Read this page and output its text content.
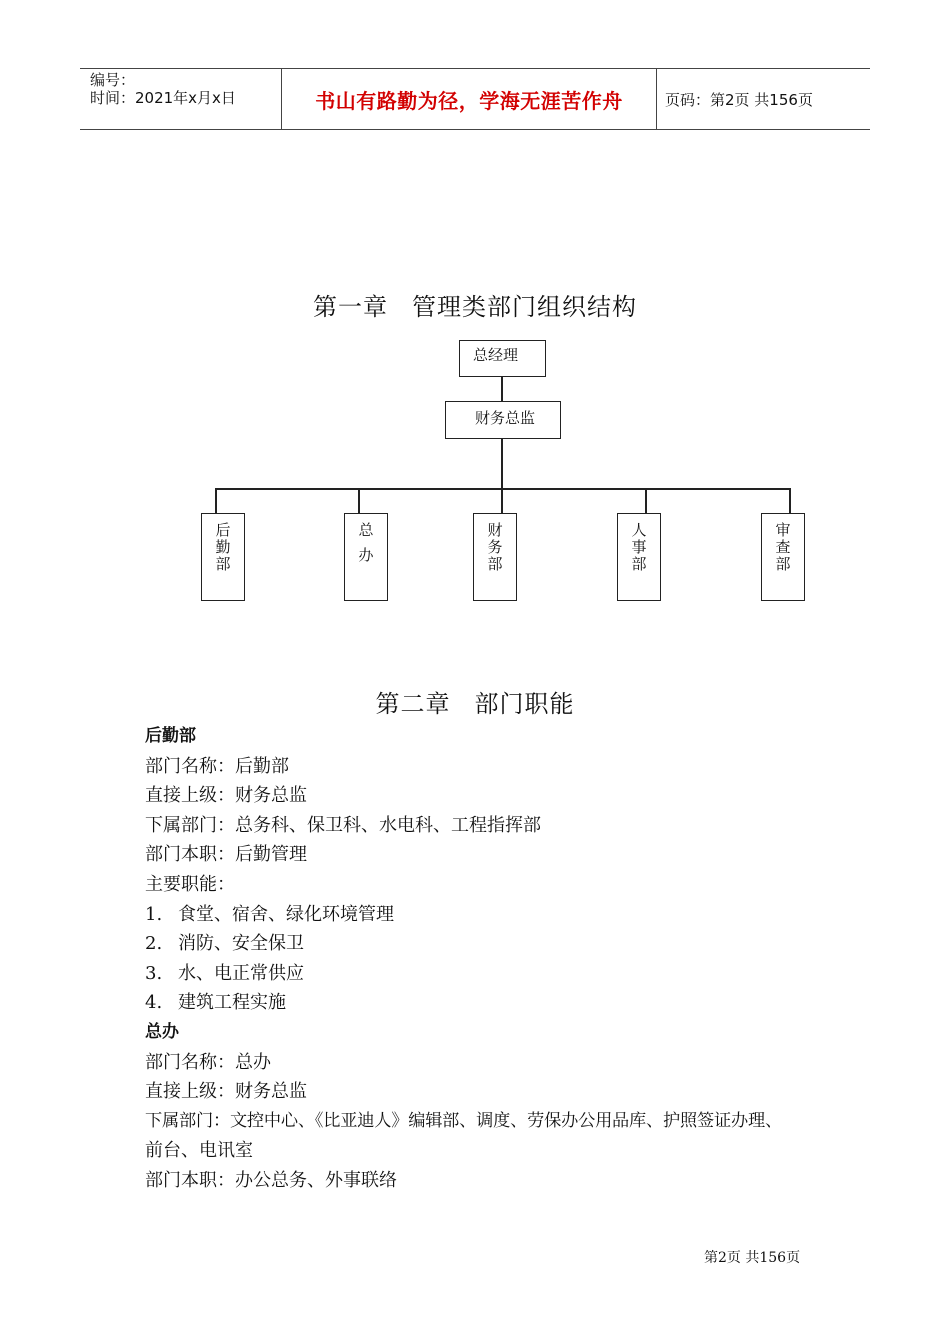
编号：
时间：2021年x月x日	书山有路勤为径，学海无涯苦作舟	页码：第2页 共156页
第一章 管理类部门组织结构
总经理
财务总监
后
勤
部
总
办
财
务
部
人
事
部
审
查
部
第二章 部门职能
后勤部
部门名称：后勤部
直接上级：财务总监
下属部门：总务科、保卫科、水电科、工程指挥部
部门本职：后勤管理
主要职能：
1. 食堂、宿舍、绿化环境管理
2. 消防、安全保卫
3. 水、电正常供应
4. 建筑工程实施
总办
部门名称：总办
直接上级：财务总监
下属部门：文控中心、《比亚迪人》编辑部、调度、劳保办公用品库、护照签证办理、
前台、电讯室
部门本职：办公总务、外事联络
第2页 共156页
